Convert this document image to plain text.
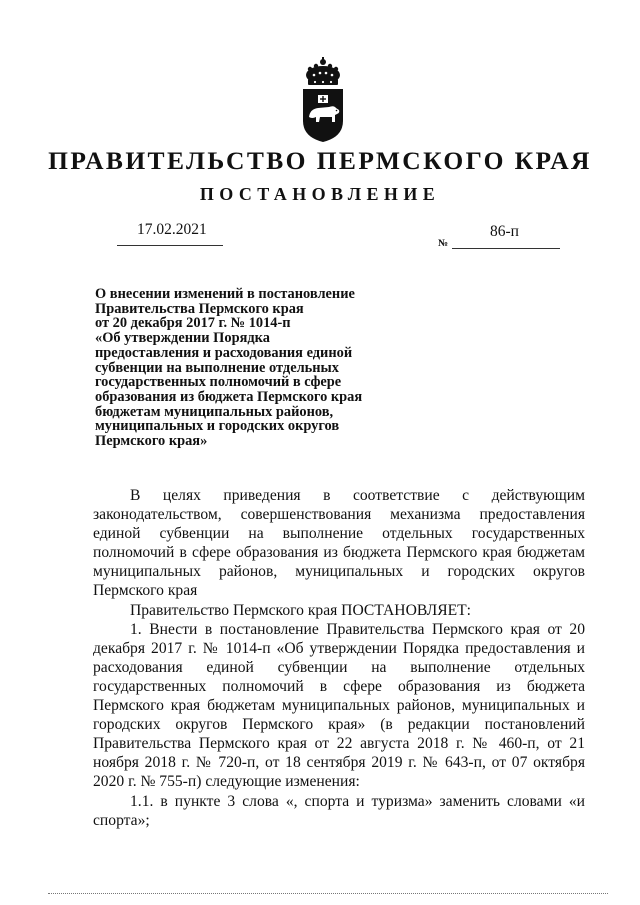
ПРАВИТЕЛЬСТВО ПЕРМСКОГО КРАЯ
ПОСТАНОВЛЕНИЕ
17.02.2021
№
86-п
О внесении изменений в постановление
Правительства Пермского края
от 20 декабря 2017 г. № 1014-п
«Об утверждении Порядка
предоставления и расходования единой
субвенции на выполнение отдельных
государственных полномочий в сфере
образования из бюджета Пермского края
бюджетам муниципальных районов,
муниципальных и городских округов
Пермского края»

В целях приведения в соответствие с действующим законодательством, совершенствования механизма предоставления единой субвенции на выполнение отдельных государственных полномочий в сфере образования из бюджета Пермского края бюджетам муниципальных районов, муниципальных и городских округов Пермского края

Правительство Пермского края ПОСТАНОВЛЯЕТ:

1. Внести в постановление Правительства Пермского края от 20 декабря 2017 г. № 1014-п «Об утверждении Порядка предоставления и расходования единой субвенции на выполнение отдельных государственных полномочий в сфере образования из бюджета Пермского края бюджетам муниципальных районов, муниципальных и городских округов Пермского края» (в редакции постановлений Правительства Пермского края от 22 августа 2018 г. № 460-п, от 21 ноября 2018 г. № 720-п, от 18 сентября 2019 г. № 643-п, от 07 октября 2020 г. № 755-п) следующие изменения:

1.1. в пункте 3 слова «, спорта и туризма» заменить словами «и спорта»;
